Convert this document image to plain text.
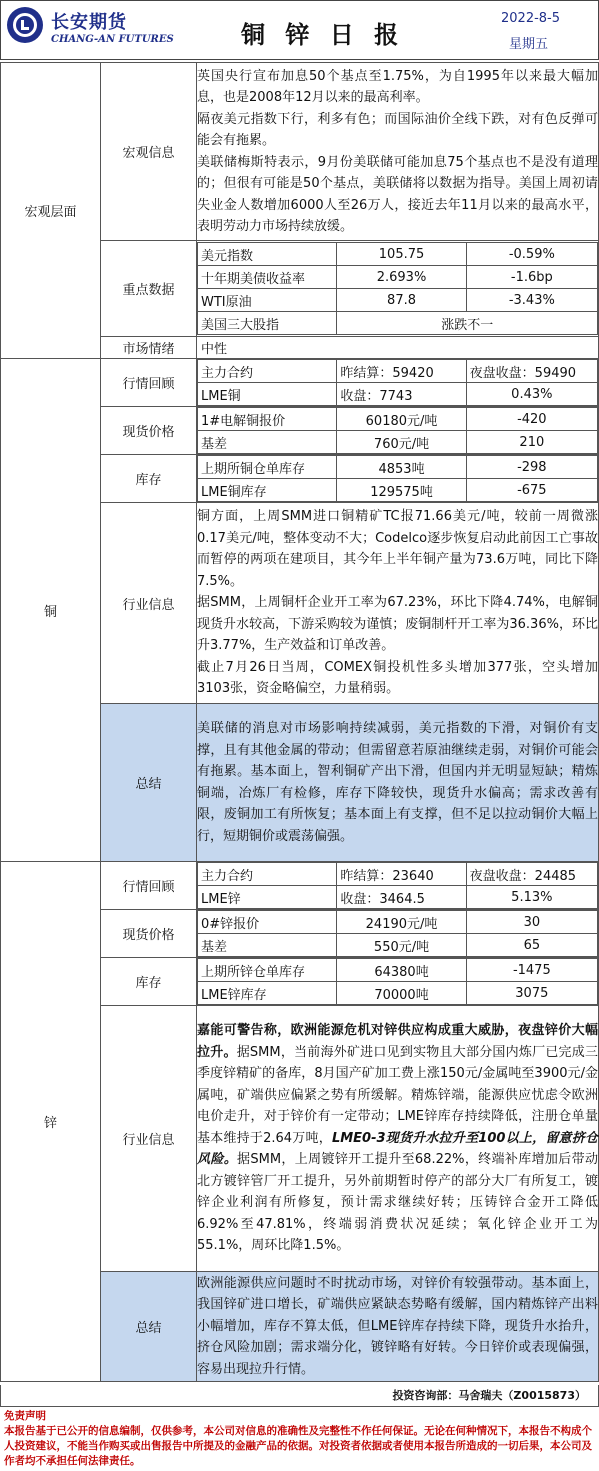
长安期货
CHANG-AN FUTURES	铜 锌 日 报
2022-8-5
星期五
宏观层面	宏观信息	
英国央行宣布加息50个基点至1.75%，为自1995年以来最大幅加息，也是2008年12月以来的最高利率。
隔夜美元指数下行，利多有色；而国际油价全线下跌，对有色反弹可能会有拖累。
美联储梅斯特表示，9月份美联储可能加息75个基点也不是没有道理的；但很有可能是50个基点，美联储将以数据为指导。美国上周初请失业金人数增加6000人至26万人，接近去年11月以来的最高水平，表明劳动力市场持续放缓。

重点数据	
美元指数	105.75	-0.59%
十年期美债收益率	2.693%	-1.6bp
WTI原油	87.8	-3.43%
美国三大股指	涨跌不一

市场情绪	中性
铜	行情回顾	
主力合约	昨结算：59420	夜盘收盘：59490
LME铜	收盘：7743	0.43%

现货价格	
1#电解铜报价	60180元/吨	-420
基差	760元/吨	210

库存	
上期所铜仓单库存	4853吨	-298
LME铜库存	129575吨	-675

行业信息	
铜方面，上周SMM进口铜精矿TC报71.66美元/吨，较前一周微涨0.17美元/吨，整体变动不大；Codelco逐步恢复启动此前因工亡事故而暂停的两项在建项目，其今年上半年铜产量为73.6万吨，同比下降7.5%。
据SMM，上周铜杆企业开工率为67.23%，环比下降4.74%，电解铜现货升水较高，下游采购较为谨慎；废铜制杆开工率为36.36%，环比升3.77%，生产效益和订单改善。
截止7月26日当周，COMEX铜投机性多头增加377张，空头增加3103张，资金略偏空，力量稍弱。

总结	美联储的消息对市场影响持续减弱，美元指数的下滑，对铜价有支撑，且有其他金属的带动；但需留意若原油继续走弱，对铜价可能会有拖累。基本面上，智利铜矿产出下滑，但国内并无明显短缺；精炼铜端，冶炼厂有检修，库存下降较快，现货升水偏高；需求改善有限，废铜加工有所恢复；基本面上有支撑，但不足以拉动铜价大幅上行，短期铜价或震荡偏强。
锌	行情回顾	
主力合约	昨结算：23640	夜盘收盘：24485
LME锌	收盘：3464.5	5.13%

现货价格	
0#锌报价	24190元/吨	30
基差	550元/吨	65

库存	
上期所锌仓单库存	64380吨	-1475
LME锌库存	70000吨	3075

行业信息	嘉能可警告称，欧洲能源危机对锌供应构成重大威胁，夜盘锌价大幅拉升。据SMM，当前海外矿进口见到实物且大部分国内炼厂已完成三季度锌精矿的备库，8月国产矿加工费上涨150元/金属吨至3900元/金属吨，矿端供应偏紧之势有所缓解。精炼锌端，能源供应忧虑令欧洲电价走升，对于锌价有一定带动；LME锌库存持续降低，注册仓单量基本维持于2.64万吨，LME0-3现货升水拉升至100以上，留意挤仓风险。据SMM，上周镀锌开工提升至68.22%，终端补库增加后带动北方镀锌管厂开工提升，另外前期暂时停产的部分大厂有所复工，镀锌企业利润有所修复，预计需求继续好转；压铸锌合金开工降低6.92%至47.81%，终端弱消费状况延续；氧化锌企业开工为55.1%，周环比降1.5%。
总结	欧洲能源供应问题时不时扰动市场，对锌价有较强带动。基本面上，我国锌矿进口增长，矿端供应紧缺态势略有缓解，国内精炼锌产出料小幅增加，库存不算太低，但LME锌库存持续下降，现货升水抬升，挤仓风险加剧；需求端分化，镀锌略有好转。今日锌价或表现偏强，容易出现拉升行情。
投资咨询部：马舍瑞夫（Z0015873）
免责声明
本报告基于已公开的信息编制，仅供参考，本公司对信息的准确性及完整性不作任何保证。无论在何种情况下，本报告不构成个人投资建议，不能当作购买或出售报告中所提及的金融产品的依据。对投资者依据或者使用本报告所造成的一切后果，本公司及作者均不承担任何法律责任。
